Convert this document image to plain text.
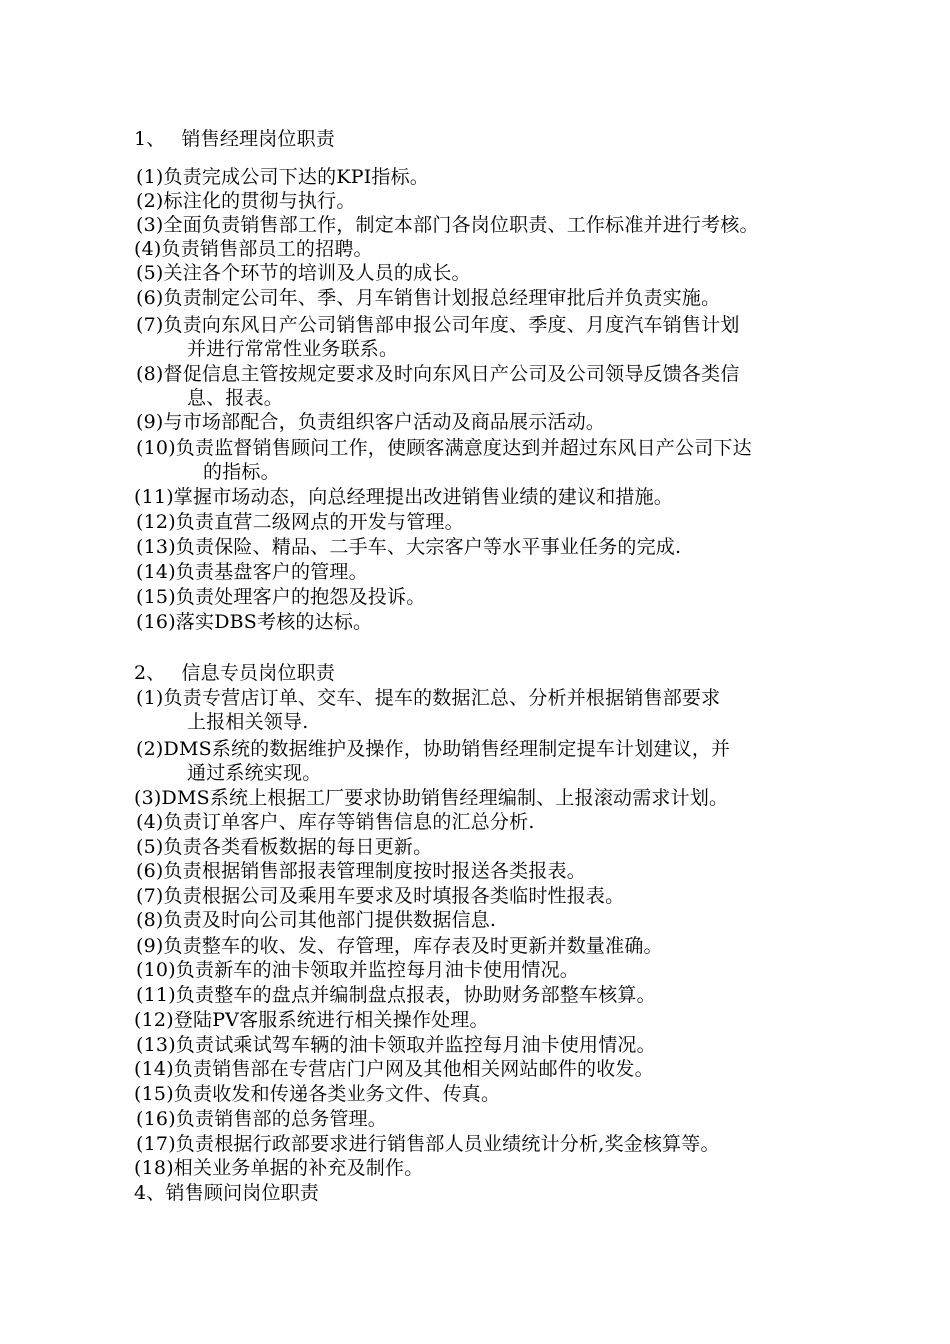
1、　 销售经理岗位职责
(1)负责完成公司下达的KPI指标。
(2)标注化的贯彻与执行。
(3)全面负责销售部工作，制定本部门各岗位职责、工作标准并进行考核。
(4)负责销售部员工的招聘。
(5)关注各个环节的培训及人员的成长。
(6)负责制定公司年、季、月车销售计划报总经理审批后并负责实施。
(7)负责向东风日产公司销售部申报公司年度、季度、月度汽车销售计划
并进行常常性业务联系。
(8)督促信息主管按规定要求及时向东风日产公司及公司领导反馈各类信
息、报表。
(9)与市场部配合，负责组织客户活动及商品展示活动。
(10)负责监督销售顾问工作，使顾客满意度达到并超过东风日产公司下达
的指标。
(11)掌握市场动态，向总经理提出改进销售业绩的建议和措施。
(12)负责直营二级网点的开发与管理。
(13)负责保险、精品、二手车、大宗客户等水平事业任务的完成.
(14)负责基盘客户的管理。
(15)负责处理客户的抱怨及投诉。
(16)落实DBS考核的达标。
2、　 信息专员岗位职责
(1)负责专营店订单、交车、提车的数据汇总、分析并根据销售部要求
上报相关领导.
(2)DMS系统的数据维护及操作，协助销售经理制定提车计划建议，并
通过系统实现。
(3)DMS系统上根据工厂要求协助销售经理编制、上报滚动需求计划。
(4)负责订单客户、库存等销售信息的汇总分析.
(5)负责各类看板数据的每日更新。
(6)负责根据销售部报表管理制度按时报送各类报表。
(7)负责根据公司及乘用车要求及时填报各类临时性报表。
(8)负责及时向公司其他部门提供数据信息.
(9)负责整车的收、发、存管理，库存表及时更新并数量准确。
(10)负责新车的油卡领取并监控每月油卡使用情况。
(11)负责整车的盘点并编制盘点报表，协助财务部整车核算。
(12)登陆PV客服系统进行相关操作处理。
(13)负责试乘试驾车辆的油卡领取并监控每月油卡使用情况。
(14)负责销售部在专营店门户网及其他相关网站邮件的收发。
(15)负责收发和传递各类业务文件、传真。
(16)负责销售部的总务管理。
(17)负责根据行政部要求进行销售部人员业绩统计分析,奖金核算等。
(18)相关业务单据的补充及制作。
4、销售顾问岗位职责
